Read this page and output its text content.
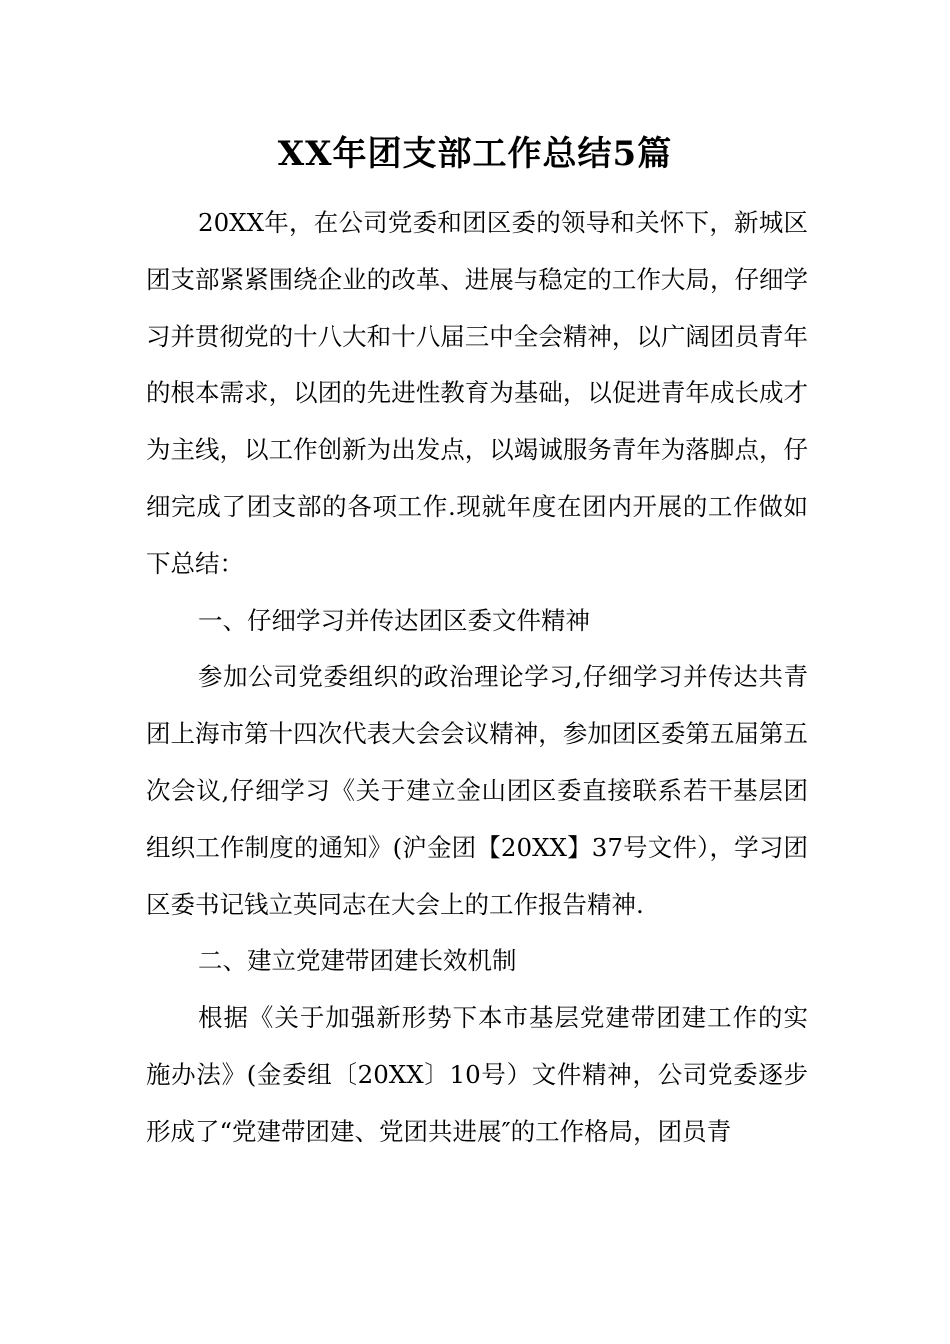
XX年团支部工作总结5篇

20XX年，在公司党委和团区委的领导和关怀下，新城区团支部紧紧围绕企业的改革、进展与稳定的工作大局，仔细学习并贯彻党的十八大和十八届三中全会精神，以广阔团员青年的根本需求，以团的先进性教育为基础，以促进青年成长成才为主线，以工作创新为出发点，以竭诚服务青年为落脚点，仔细完成了团支部的各项工作.现就年度在团内开展的工作做如下总结：

一、仔细学习并传达团区委文件精神

参加公司党委组织的政治理论学习,仔细学习并传达共青团上海市第十四次代表大会会议精神，参加团区委第五届第五次会议,仔细学习《关于建立金山团区委直接联系若干基层团组织工作制度的通知》(沪金团【20XX】37号文件），学习团区委书记钱立英同志在大会上的工作报告精神.

二、建立党建带团建长效机制

根据《关于加强新形势下本市基层党建带团建工作的实施办法》(金委组〔20XX〕10号）文件精神，公司党委逐步形成了“党建带团建、党团共进展″的工作格局，团员青
